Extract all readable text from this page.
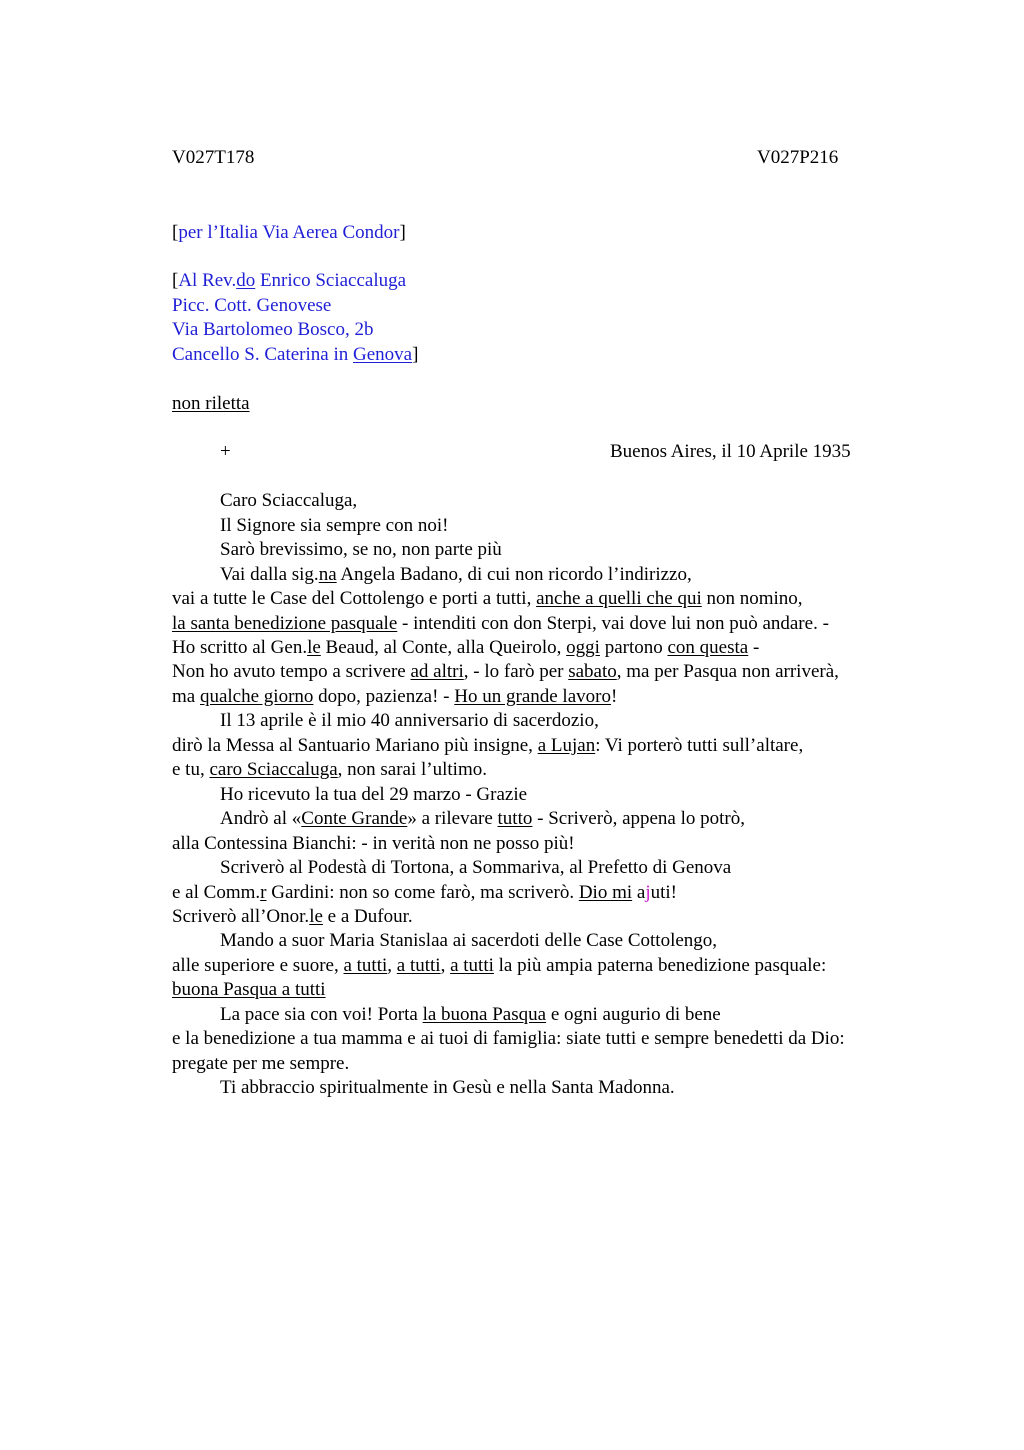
V027T178	V027P216
[per l’Italia Via Aerea Condor]
[Al Rev.do Enrico Sciaccaluga
Picc. Cott. Genovese
Via Bartolomeo Bosco, 2b
Cancello S. Caterina in Genova]
non riletta
+	Buenos Aires, il 10 Aprile 1935
Caro Sciaccaluga,
Il Signore sia sempre con noi!
Sarò brevissimo, se no, non parte più
Vai dalla sig.na Angela Badano, di cui non ricordo l’indirizzo,
vai a tutte le Case del Cottolengo e porti a tutti, anche a quelli che qui non nomino,
la santa benedizione pasquale - intenditi con don Sterpi, vai dove lui non può andare. -
Ho scritto al Gen.le Beaud, al Conte, alla Queirolo, oggi partono con questa -
Non ho avuto tempo a scrivere ad altri, - lo farò per sabato, ma per Pasqua non arriverà,
ma qualche giorno dopo, pazienza! - Ho un grande lavoro!
Il 13 aprile è il mio 40 anniversario di sacerdozio,
dirò la Messa al Santuario Mariano più insigne, a Lujan: Vi porterò tutti sull’altare,
e tu, caro Sciaccaluga, non sarai l’ultimo.
Ho ricevuto la tua del 29 marzo - Grazie
Andrò al «Conte Grande» a rilevare tutto - Scriverò, appena lo potrò,
alla Contessina Bianchi: - in verità non ne posso più!
Scriverò al Podestà di Tortona, a Sommariva, al Prefetto di Genova
e al Comm.r Gardini: non so come farò, ma scriverò. Dio mi ajuti!
Scriverò all’Onor.le e a Dufour.
Mando a suor Maria Stanislaa ai sacerdoti delle Case Cottolengo,
alle superiore e suore, a tutti, a tutti, a tutti la più ampia paterna benedizione pasquale:
buona Pasqua a tutti
La pace sia con voi! Porta la buona Pasqua e ogni augurio di bene
e la benedizione a tua mamma e ai tuoi di famiglia: siate tutti e sempre benedetti da Dio:
pregate per me sempre.
Ti abbraccio spiritualmente in Gesù e nella Santa Madonna.
